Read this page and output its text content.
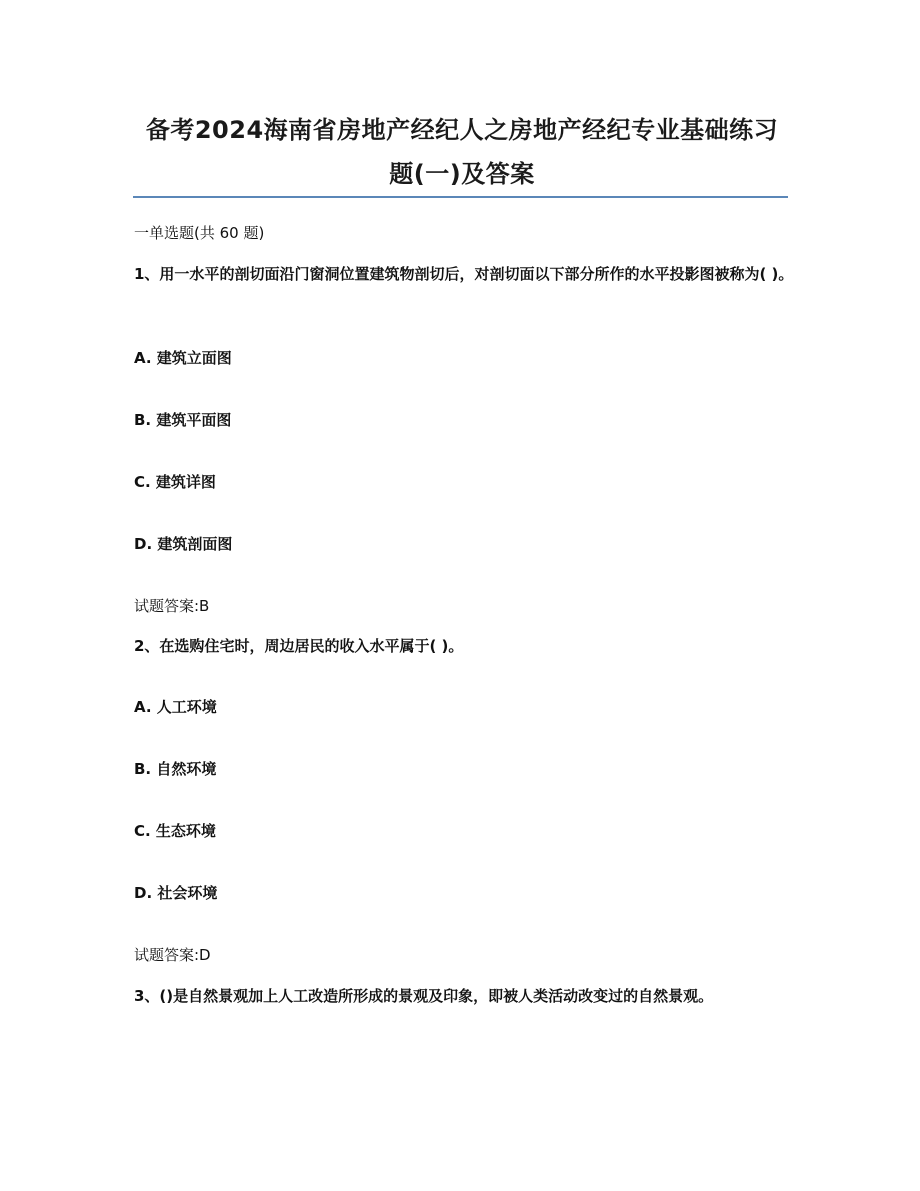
备考2024海南省房地产经纪人之房地产经纪专业基础练习题(一)及答案
一单选题(共 60 题)
1、用一水平的剖切面沿门窗洞位置建筑物剖切后，对剖切面以下部分所作的水平投影图被称为( )。
A. 建筑立面图
B. 建筑平面图
C. 建筑详图
D. 建筑剖面图
试题答案:B
2、在选购住宅时，周边居民的收入水平属于( )。
A. 人工环境
B. 自然环境
C. 生态环境
D. 社会环境
试题答案:D
3、()是自然景观加上人工改造所形成的景观及印象，即被人类活动改变过的自然景观。
